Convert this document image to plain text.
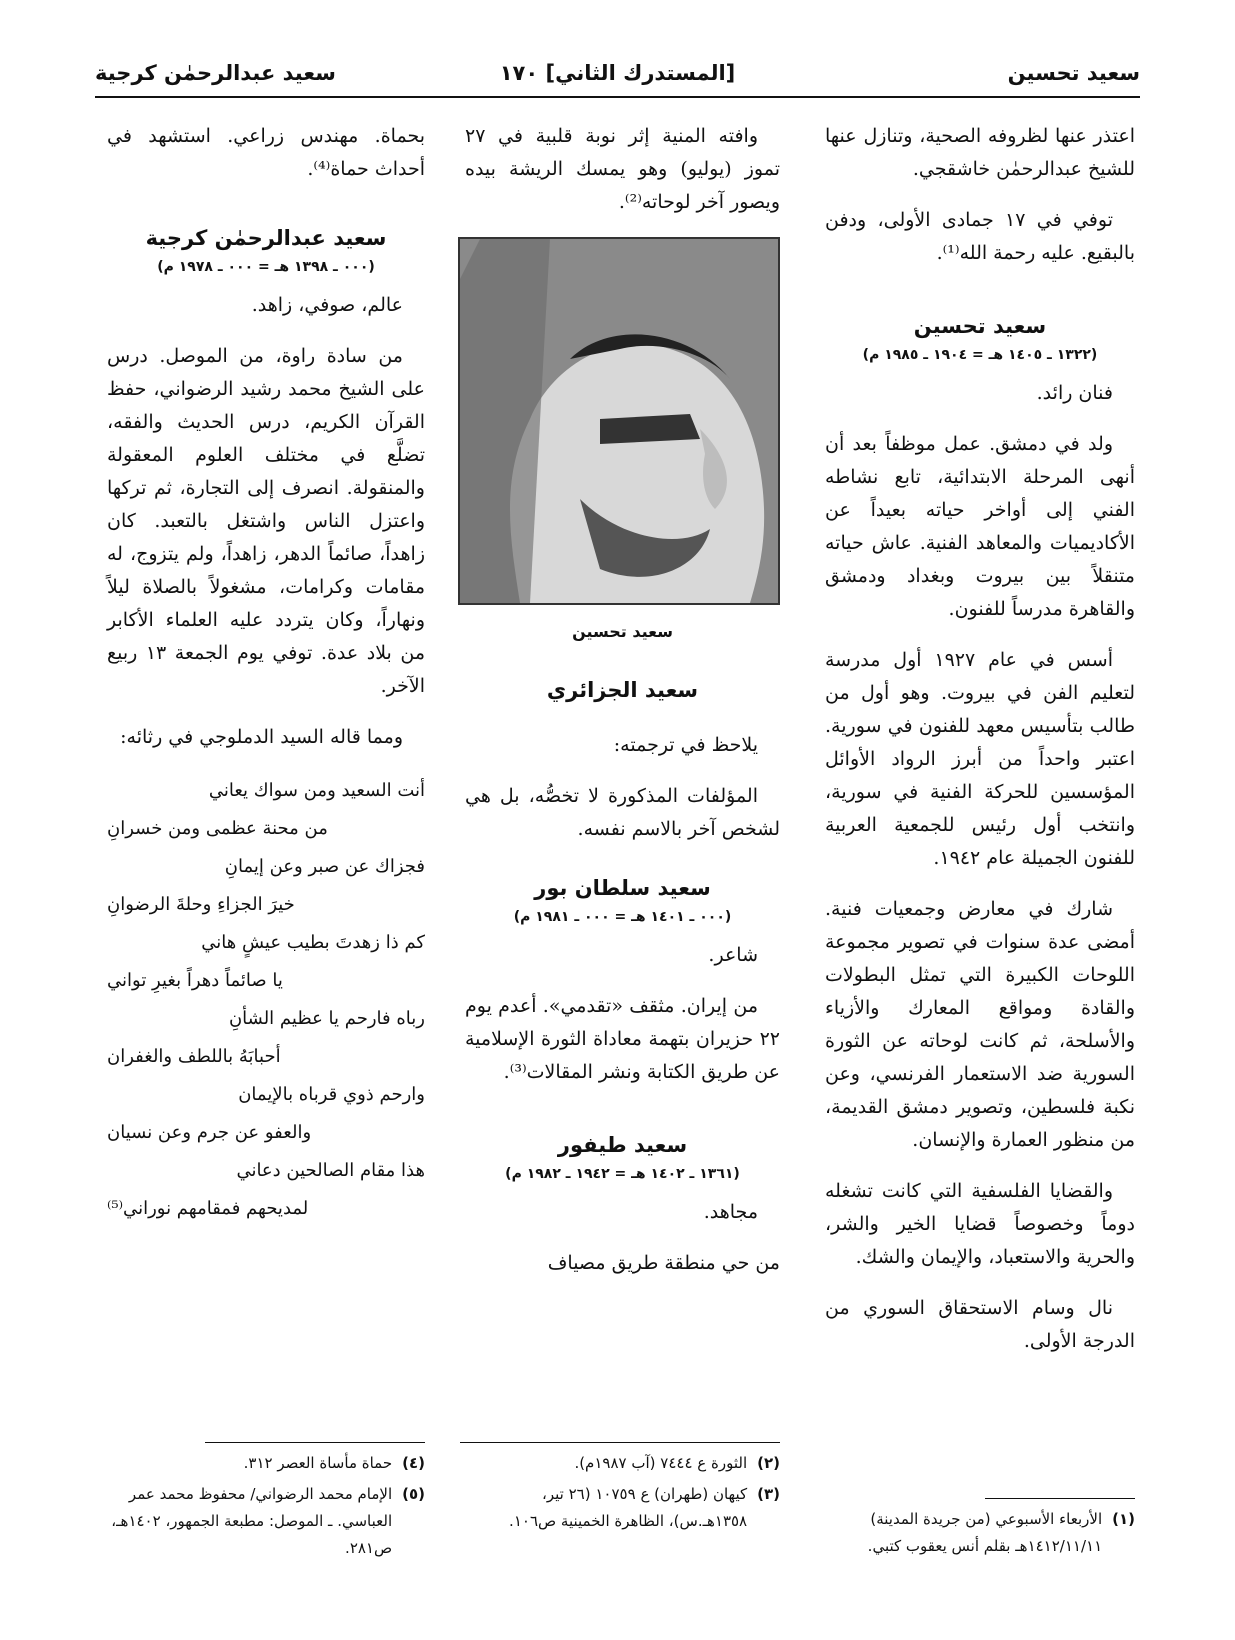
سعيد تحسين
[المستدرك الثاني] ١٧٠
سعيد عبدالرحمٰن كرجية

اعتذر عنها لظروفه الصحية، وتنازل عنها للشيخ عبدالرحمٰن خاشقجي.

توفي في ١٧ جمادى الأولى، ودفن بالبقيع. عليه رحمة الله⁽¹⁾.

سعيد تحسين
(١٣٢٢ ـ ١٤٠٥ هـ = ١٩٠٤ ـ ١٩٨٥ م)

فنان رائد.

ولد في دمشق. عمل موظفاً بعد أن أنهى المرحلة الابتدائية، تابع نشاطه الفني إلى أواخر حياته بعيداً عن الأكاديميات والمعاهد الفنية. عاش حياته متنقلاً بين بيروت وبغداد ودمشق والقاهرة مدرساً للفنون.

أسس في عام ١٩٢٧ أول مدرسة لتعليم الفن في بيروت. وهو أول من طالب بتأسيس معهد للفنون في سورية. اعتبر واحداً من أبرز الرواد الأوائل المؤسسين للحركة الفنية في سورية، وانتخب أول رئيس للجمعية العربية للفنون الجميلة عام ١٩٤٢.

شارك في معارض وجمعيات فنية. أمضى عدة سنوات في تصوير مجموعة اللوحات الكبيرة التي تمثل البطولات والقادة ومواقع المعارك والأزياء والأسلحة، ثم كانت لوحاته عن الثورة السورية ضد الاستعمار الفرنسي، وعن نكبة فلسطين، وتصوير دمشق القديمة، من منظور العمارة والإنسان.

والقضايا الفلسفية التي كانت تشغله دوماً وخصوصاً قضايا الخير والشر، والحرية والاستعباد، والإيمان والشك.

نال وسام الاستحقاق السوري من الدرجة الأولى.

(١)
الأربعاء الأسبوعي (من جريدة المدينة) ١٤١٢/١١/١١هـ بقلم أنس يعقوب كتبي.

وافته المنية إثر نوبة قلبية في ٢٧ تموز (يوليو) وهو يمسك الريشة بيده ويصور آخر لوحاته⁽²⁾.

سعيد تحسين
سعيد الجزائري

يلاحظ في ترجمته:

المؤلفات المذكورة لا تخصُّه، بل هي لشخص آخر بالاسم نفسه.

سعيد سلطان بور
(٠٠٠ ـ ١٤٠١ هـ = ٠٠٠ ـ ١٩٨١ م)

شاعر.

من إيران. مثقف «تقدمي». أعدم يوم ٢٢ حزيران بتهمة معاداة الثورة الإسلامية عن طريق الكتابة ونشر المقالات⁽³⁾.

سعيد طيفور
(١٣٦١ ـ ١٤٠٢ هـ = ١٩٤٢ ـ ١٩٨٢ م)

مجاهد.

من حي منطقة طريق مصياف

(٢)
الثورة ع ٧٤٤٤ (آب ١٩٨٧م).
(٣)
كيهان (طهران) ع ١٠٧٥٩ (٢٦ تير، ١٣٥٨هـ.س)، الظاهرة الخمينية ص١٠٦.

بحماة. مهندس زراعي. استشهد في أحداث حماة⁽⁴⁾.

سعيد عبدالرحمٰن كرجية
(٠٠٠ ـ ١٣٩٨ هـ = ٠٠٠ ـ ١٩٧٨ م)

عالم، صوفي، زاهد.

من سادة راوة، من الموصل. درس على الشيخ محمد رشيد الرضواني، حفظ القرآن الكريم، درس الحديث والفقه، تضلَّع في مختلف العلوم المعقولة والمنقولة. انصرف إلى التجارة، ثم تركها واعتزل الناس واشتغل بالتعبد. كان زاهداً، صائماً الدهر، زاهداً، ولم يتزوج، له مقامات وكرامات، مشغولاً بالصلاة ليلاً ونهاراً، وكان يتردد عليه العلماء الأكابر من بلاد عدة. توفي يوم الجمعة ١٣ ربيع الآخر.

ومما قاله السيد الدملوجي في رثائه:

أنت السعيد ومن سواك يعاني
من محنة عظمى ومن خسرانِ
فجزاك عن صبر وعن إيمانِ
خيرَ الجزاءِ وحلةَ الرضوانِ
كم ذا زهدتَ بطيب عيشٍ هاني
يا صائماً دهراً بغيرِ تواني
رباه فارحم يا عظيم الشأنِ
أحبابَهُ باللطف والغفران
وارحم ذوي قرباه بالإيمان
والعفو عن جرم وعن نسيان
هذا مقام الصالحين دعاني
لمديحهم فمقامهم نوراني⁽⁵⁾
(٤)
حماة مأساة العصر ٣١٢.
(٥)
الإمام محمد الرضواني/ محفوظ محمد عمر العباسي. ـ الموصل: مطبعة الجمهور، ١٤٠٢هـ، ص٢٨١.
